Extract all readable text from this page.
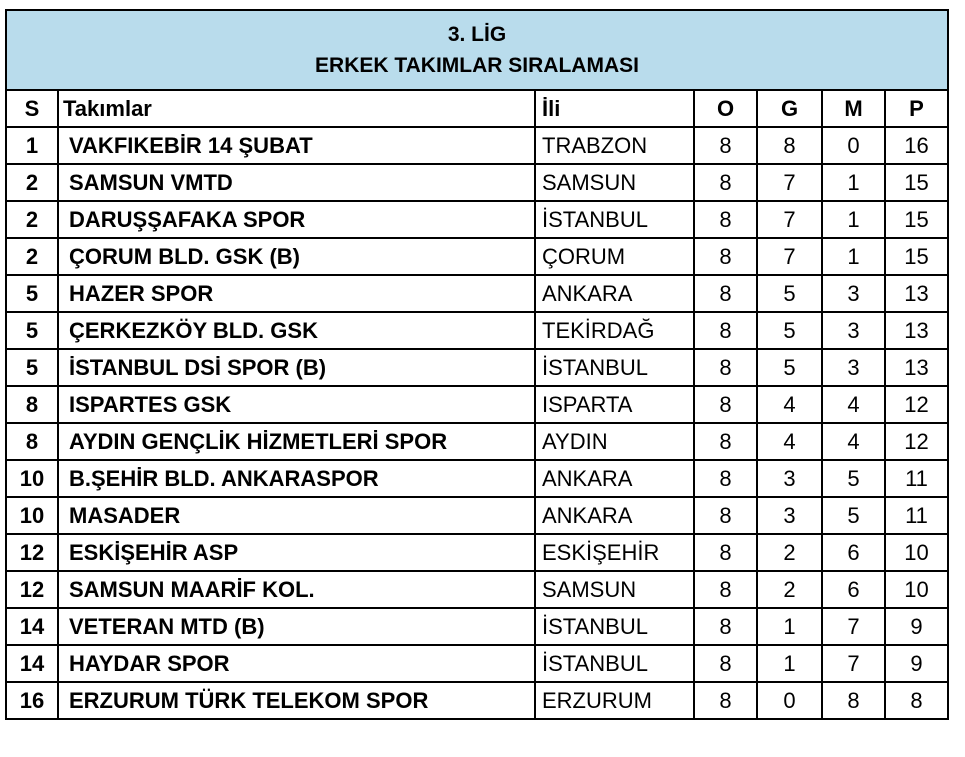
3. LİG
ERKEK TAKIMLAR SIRALAMASI						

S	Takımlar	İli	O	G	M	P
1	VAKFIKEBİR 14 ŞUBAT	TRABZON	8	8	0	16
2	SAMSUN VMTD	SAMSUN	8	7	1	15
2	DARUŞŞAFAKA SPOR	İSTANBUL	8	7	1	15
2	ÇORUM BLD. GSK (B)	ÇORUM	8	7	1	15
5	HAZER SPOR	ANKARA	8	5	3	13
5	ÇERKEZKÖY BLD. GSK	TEKİRDAĞ	8	5	3	13
5	İSTANBUL DSİ SPOR (B)	İSTANBUL	8	5	3	13
8	ISPARTES GSK	ISPARTA	8	4	4	12
8	AYDIN GENÇLİK HİZMETLERİ SPOR	AYDIN	8	4	4	12
10	B.ŞEHİR BLD. ANKARASPOR	ANKARA	8	3	5	11
10	MASADER	ANKARA	8	3	5	11
12	ESKİŞEHİR ASP	ESKİŞEHİR	8	2	6	10
12	SAMSUN MAARİF KOL.	SAMSUN	8	2	6	10
14	VETERAN MTD (B)	İSTANBUL	8	1	7	9
14	HAYDAR SPOR	İSTANBUL	8	1	7	9
16	ERZURUM TÜRK TELEKOM SPOR	ERZURUM	8	0	8	8
